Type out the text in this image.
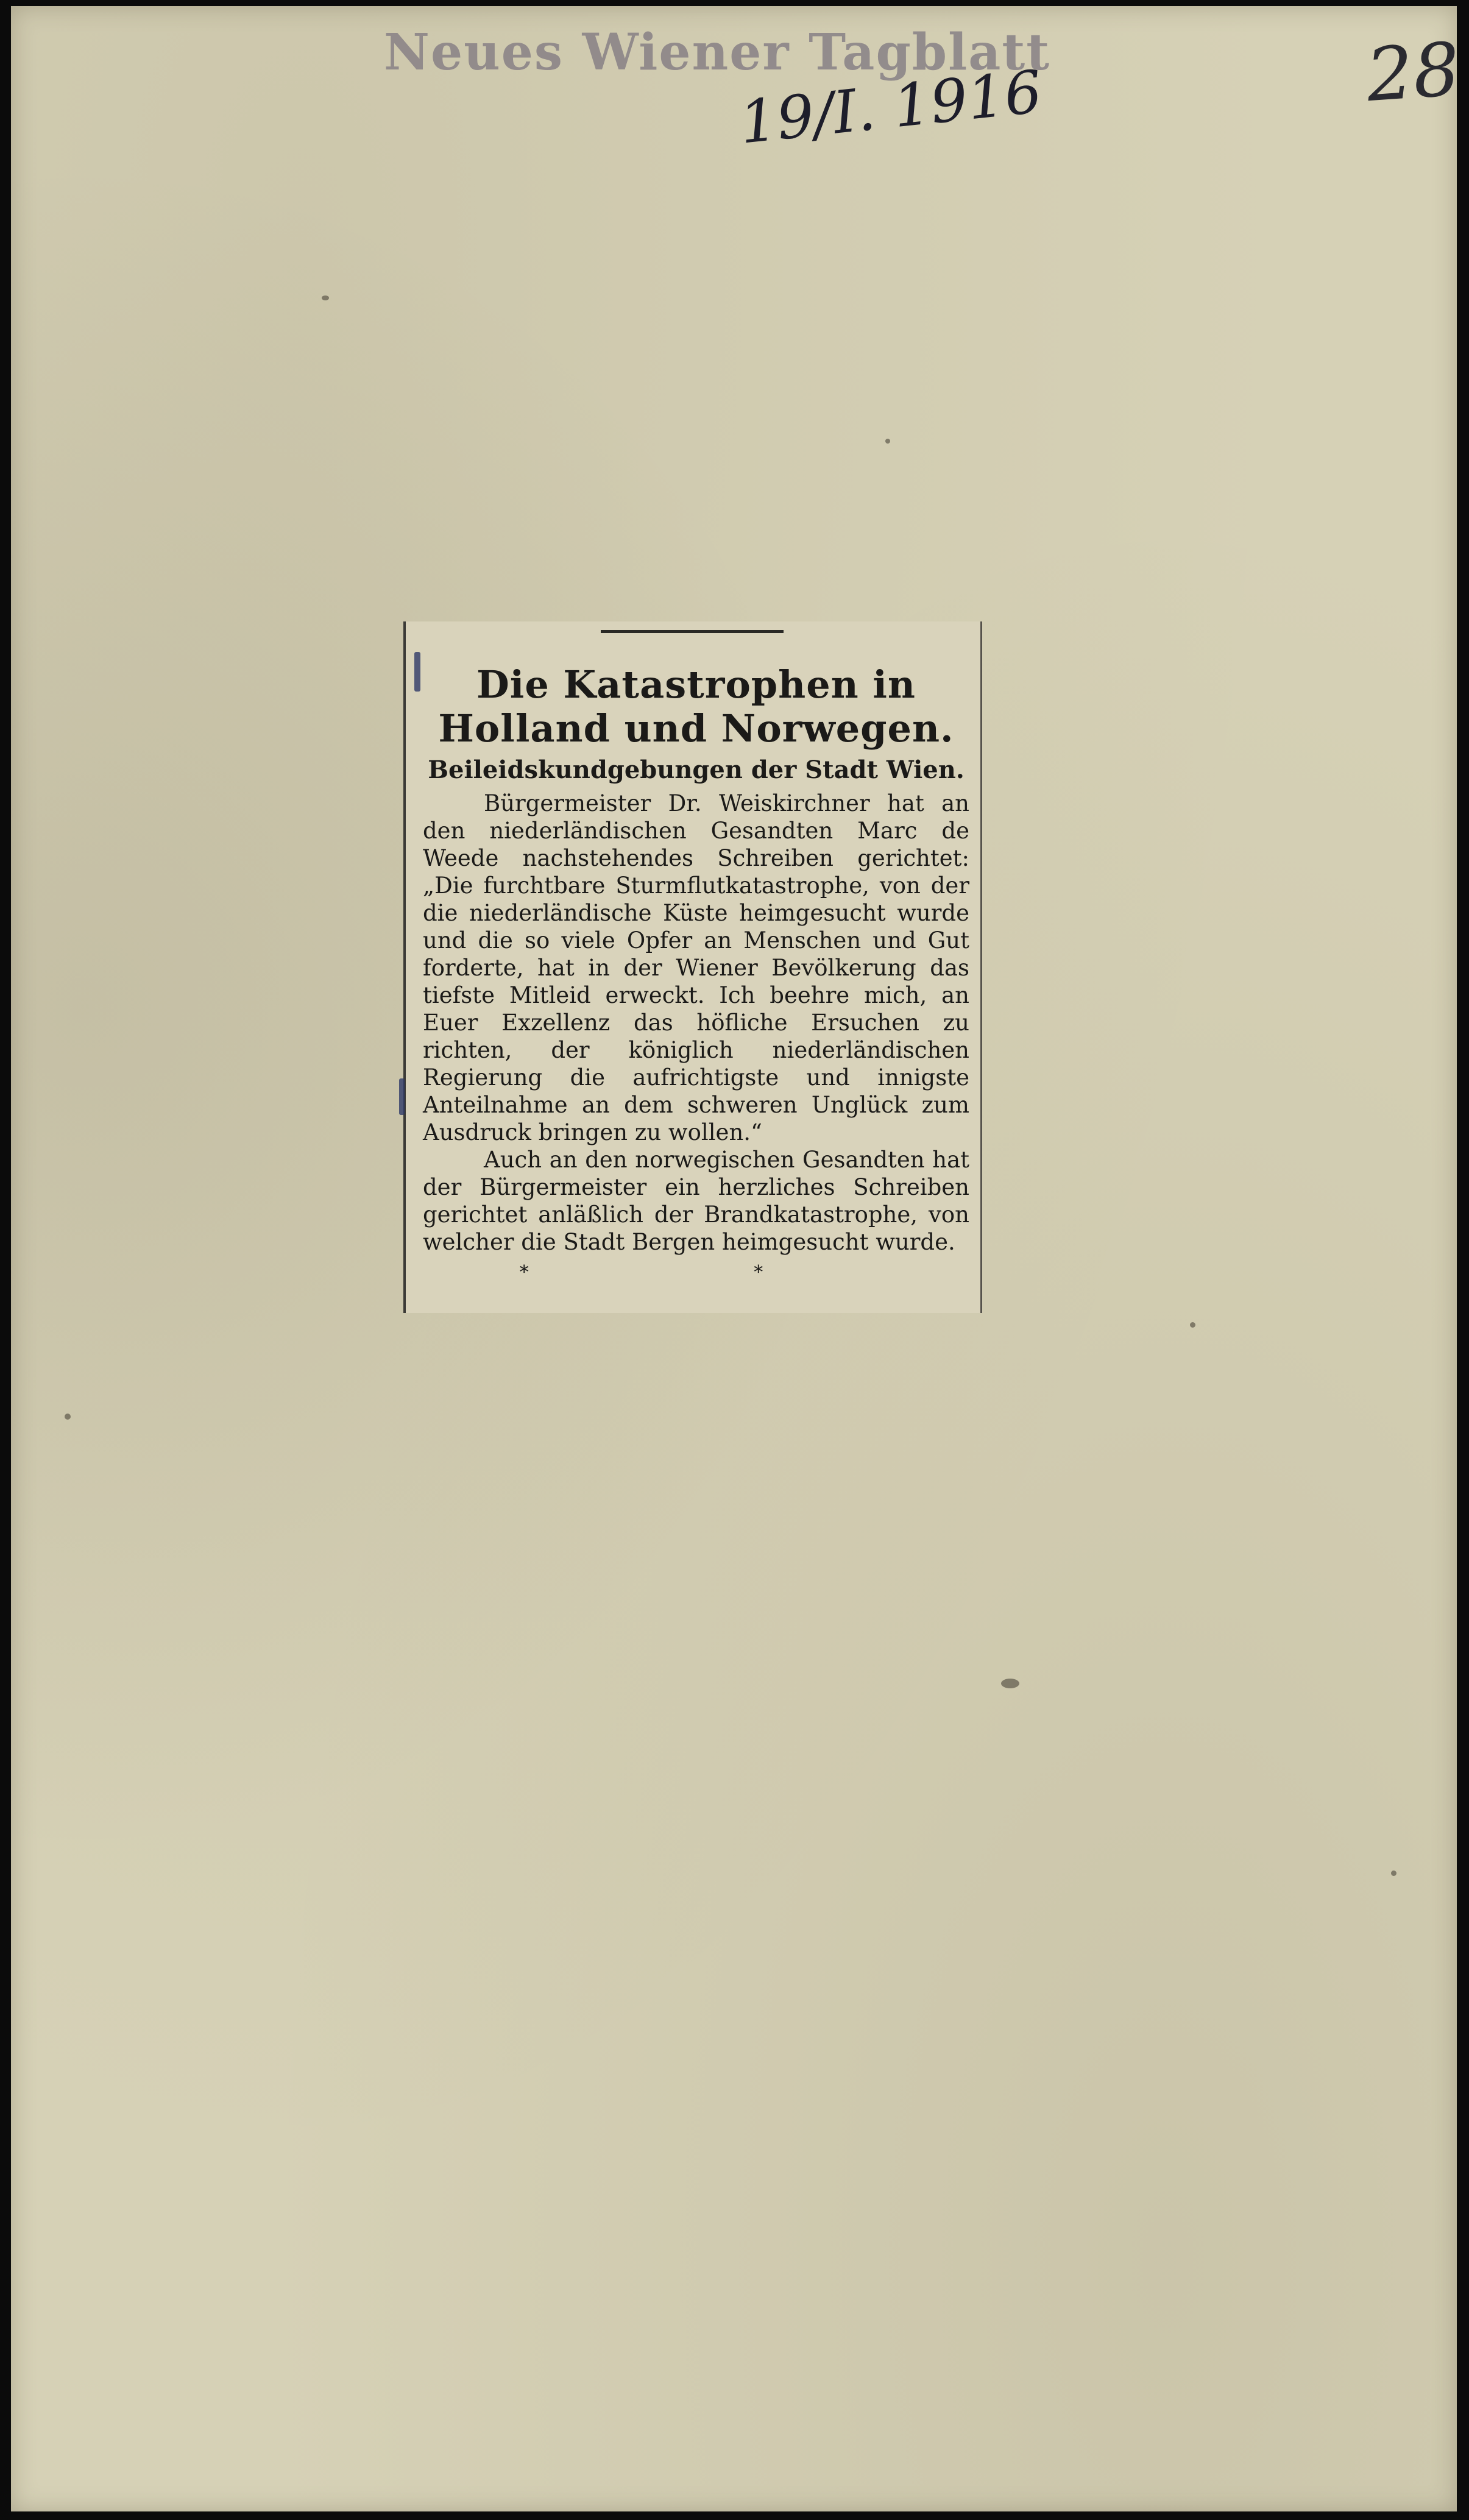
Neues Wiener Tagblatt
19/I. 1916	28
Die Katastrophen in Holland und Norwegen.
Beileidskundgebungen der Stadt Wien.

Bürgermeister Dr. Weiskirchner hat an den niederländischen Gesandten Marc de Weede nachstehendes Schreiben gerichtet: „Die furchtbare Sturmflutkatastrophe, von der die niederländische Küste heimgesucht wurde und die so viele Opfer an Menschen und Gut forderte, hat in der Wiener Bevölkerung das tiefste Mitleid erweckt. Ich beehre mich, an Euer Exzellenz das höfliche Ersuchen zu richten, der königlich niederländischen Regierung die aufrichtigste und innigste Anteilnahme an dem schweren Unglück zum Ausdruck bringen zu wollen.“

Auch an den norwegischen Gesandten hat der Bürgermeister ein herzliches Schreiben gerichtet anläßlich der Brandkatastrophe, von welcher die Stadt Bergen heimgesucht wurde.

* *
